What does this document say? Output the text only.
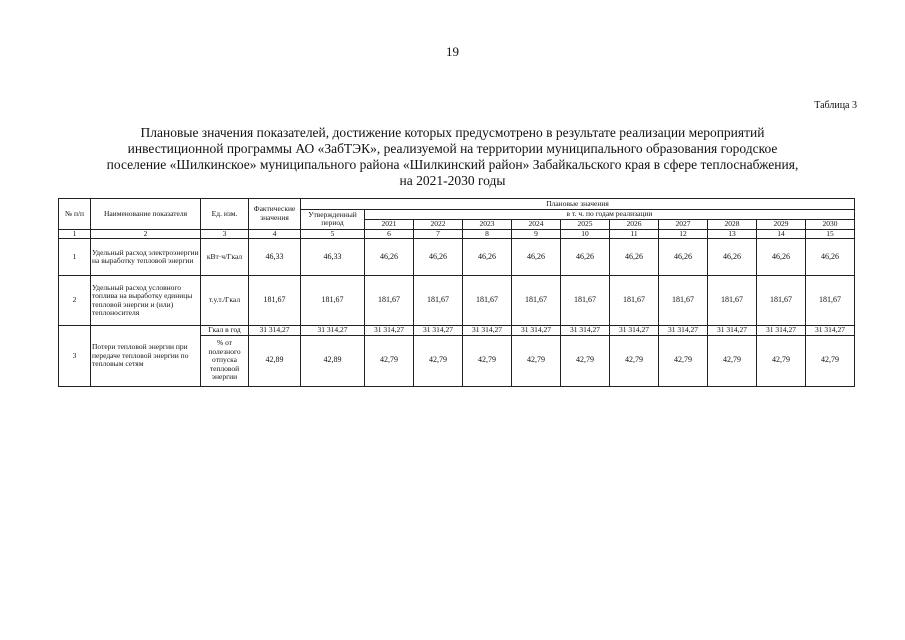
19
Таблица 3
Плановые значения показателей, достижение которых предусмотрено в результате реализации мероприятий
инвестиционной программы АО «ЗабТЭК», реализуемой на территории муниципального образования городское
поселение «Шилкинское» муниципального района «Шилкинский район» Забайкальского края в сфере теплоснабжения,
на 2021-2030 годы
№ п/п	Наименование показателя	Ед. изм.	Фактические значения	Плановые значения										
				Утвержденный период	в т. ч. по годам реализации									
					2021	2022	2023	2024	2025	2026	2027	2028	2029	2030
1	2	3	4	5	6	7	8	9	10	11	12	13	14	15
1	Удельный расход электроэнергии на выработку тепловой энергии	кВт·ч/Гкал	46,33	46,33	46,26	46,26	46,26	46,26	46,26	46,26	46,26	46,26	46,26	46,26
2	Удельный расход условного топлива на выработку единицы тепловой энергии и (или) теплоносителя	т.у.т./Гкал	181,67	181,67	181,67	181,67	181,67	181,67	181,67	181,67	181,67	181,67	181,67	181,67
3	Потери тепловой энергии при передаче тепловой энергии по тепловым сетям	Гкал в год	31 314,27	31 314,27	31 314,27	31 314,27	31 314,27	31 314,27	31 314,27	31 314,27	31 314,27	31 314,27	31 314,27	31 314,27
		% от полезного отпуска тепловой энергии	42,89	42,89	42,79	42,79	42,79	42,79	42,79	42,79	42,79	42,79	42,79	42,79
